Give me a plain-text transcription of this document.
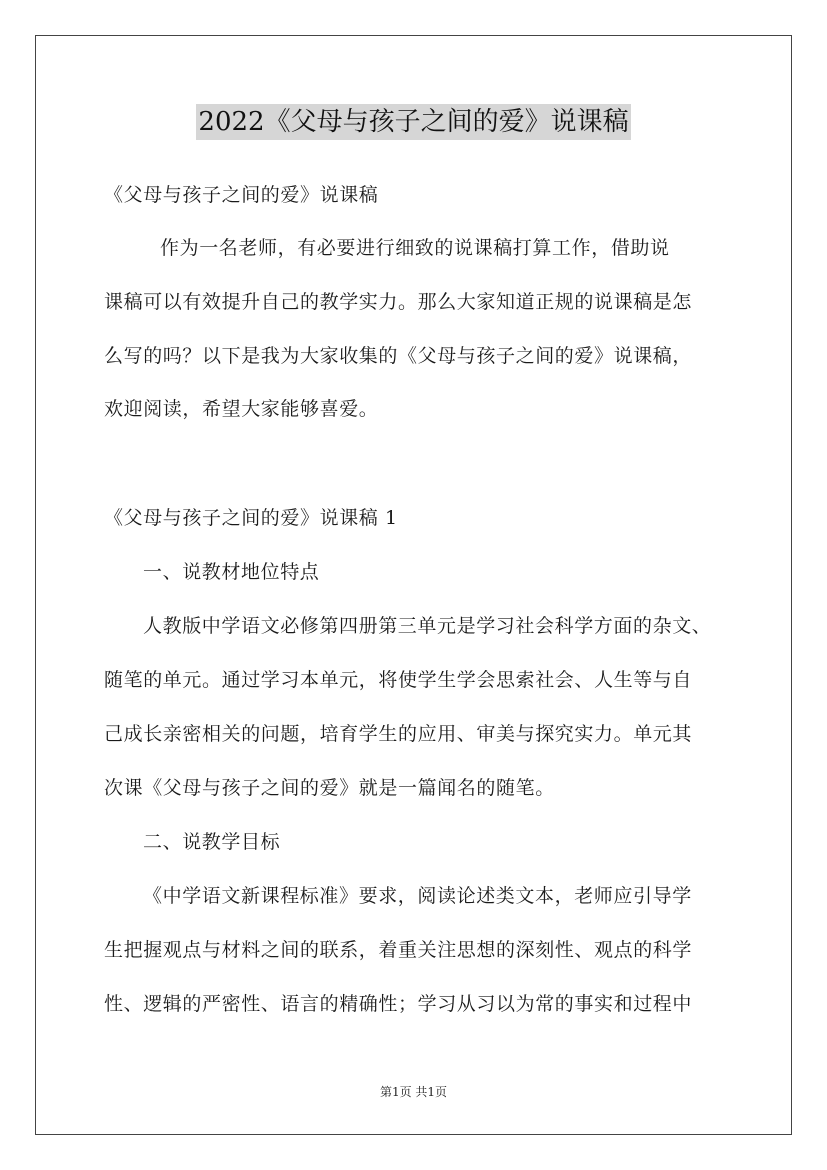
2022《父母与孩子之间的爱》说课稿
《父母与孩子之间的爱》说课稿
作为一名老师，有必要进行细致的说课稿打算工作，借助说
课稿可以有效提升自己的教学实力。那么大家知道正规的说课稿是怎
么写的吗？以下是我为大家收集的《父母与孩子之间的爱》说课稿，
欢迎阅读，希望大家能够喜爱。
《父母与孩子之间的爱》说课稿 1
一、说教材地位特点
人教版中学语文必修第四册第三单元是学习社会科学方面的杂文、
随笔的单元。通过学习本单元，将使学生学会思索社会、人生等与自
己成长亲密相关的问题，培育学生的应用、审美与探究实力。单元其
次课《父母与孩子之间的爱》就是一篇闻名的随笔。
二、说教学目标
《中学语文新课程标准》要求，阅读论述类文本，老师应引导学
生把握观点与材料之间的联系，着重关注思想的深刻性、观点的科学
性、逻辑的严密性、语言的精确性；学习从习以为常的事实和过程中
第1页 共1页
